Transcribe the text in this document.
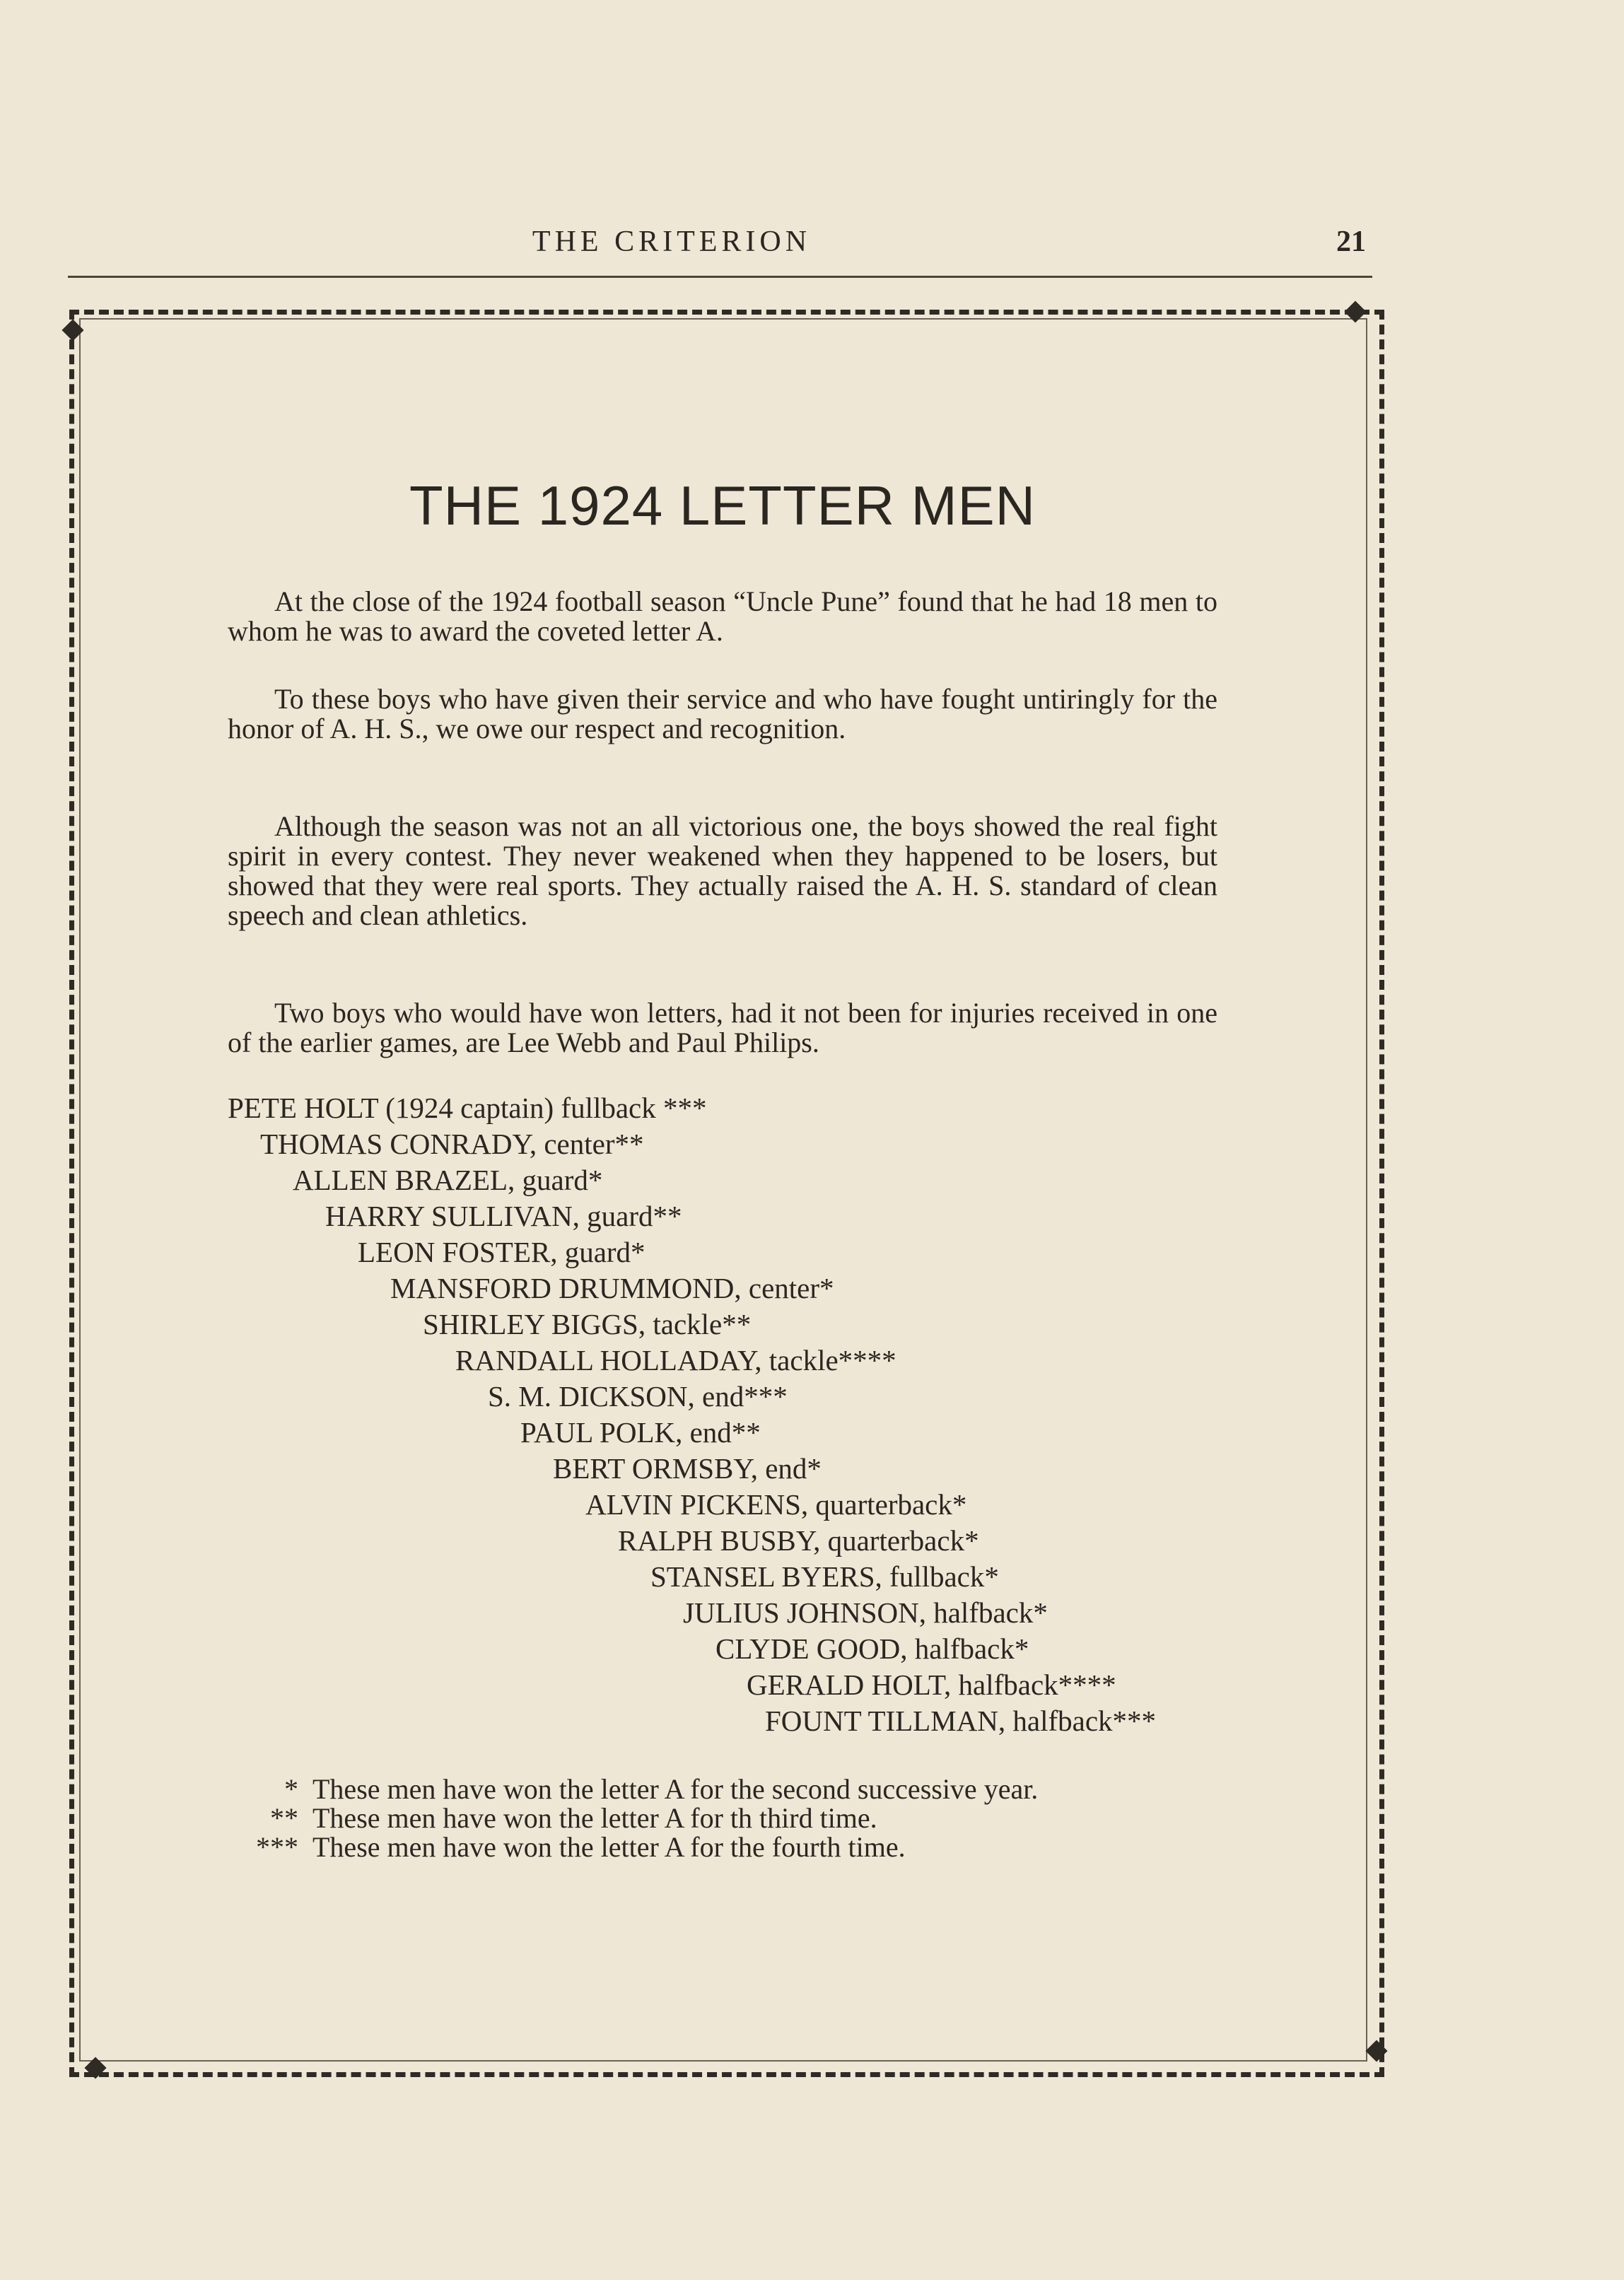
THE CRITERION	21
THE 1924 LETTER MEN

At the close of the 1924 football season “Uncle Pune” found that he had 18 men to whom he was to award the coveted letter A.

To these boys who have given their service and who have fought untiringly for the honor of A. H. S., we owe our respect and recognition.

Although the season was not an all victorious one, the boys showed the real fight spirit in every contest. They never weakened when they happened to be losers, but showed that they were real sports. They actually raised the A. H. S. standard of clean speech and clean athletics.

Two boys who would have won letters, had it not been for injuries received in one of the earlier games, are Lee Webb and Paul Philips.

PETE HOLT (1924 captain) fullback ***
THOMAS CONRADY, center**
ALLEN BRAZEL, guard*
HARRY SULLIVAN, guard**
LEON FOSTER, guard*
MANSFORD DRUMMOND, center*
SHIRLEY BIGGS, tackle**
RANDALL HOLLADAY, tackle****
S. M. DICKSON, end***
PAUL POLK, end**
BERT ORMSBY, end*
ALVIN PICKENS, quarterback*
RALPH BUSBY, quarterback*
STANSEL BYERS, fullback*
JULIUS JOHNSON, halfback*
CLYDE GOOD, halfback*
GERALD HOLT, halfback****
FOUNT TILLMAN, halfback***
* These men have won the letter A for the second successive year.
** These men have won the letter A for th third time.
*** These men have won the letter A for the fourth time.
